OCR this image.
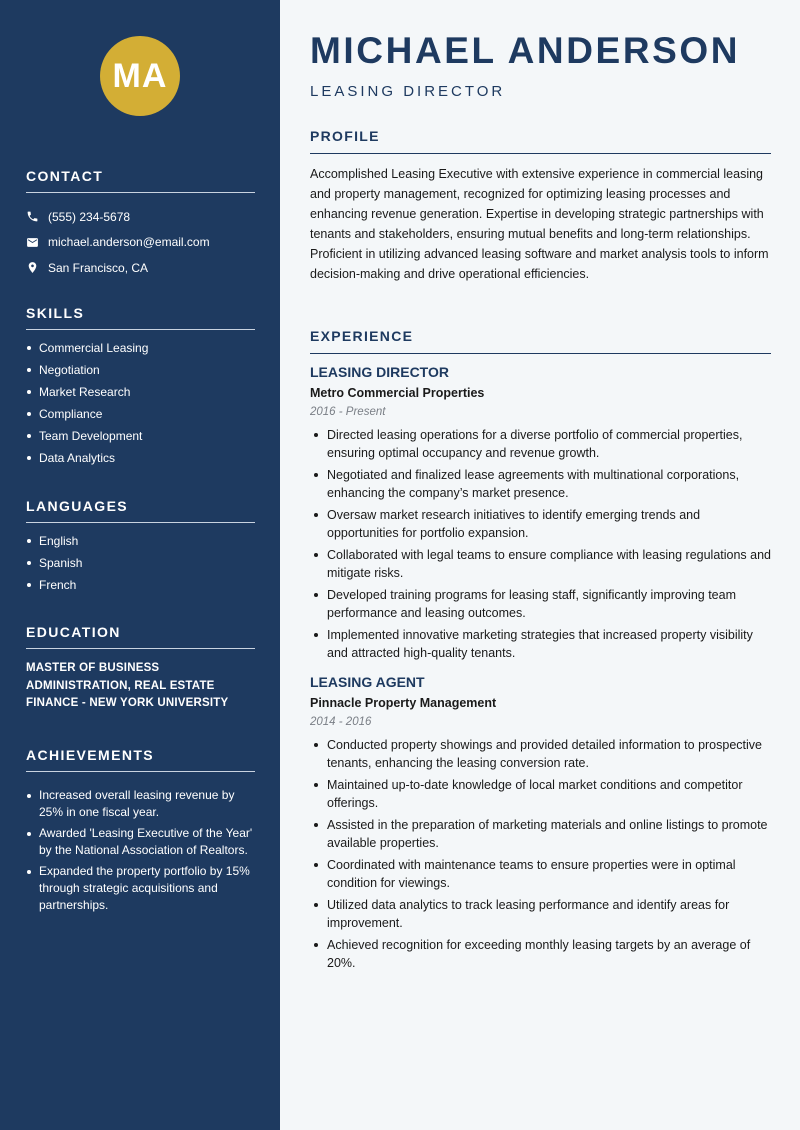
MA
CONTACT
(555) 234-5678
michael.anderson@email.com
San Francisco, CA
SKILLS
Commercial Leasing
Negotiation
Market Research
Compliance
Team Development
Data Analytics
LANGUAGES
English
Spanish
French
EDUCATION
MASTER OF BUSINESS ADMINISTRATION, REAL ESTATE FINANCE - NEW YORK UNIVERSITY
ACHIEVEMENTS
Increased overall leasing revenue by 25% in one fiscal year.
Awarded 'Leasing Executive of the Year' by the National Association of Realtors.
Expanded the property portfolio by 15% through strategic acquisitions and partnerships.
MICHAEL ANDERSON
LEASING DIRECTOR
PROFILE

Accomplished Leasing Executive with extensive experience in commercial leasing and property management, recognized for optimizing leasing processes and enhancing revenue generation. Expertise in developing strategic partnerships with tenants and stakeholders, ensuring mutual benefits and long-term relationships. Proficient in utilizing advanced leasing software and market analysis tools to inform decision-making and drive operational efficiencies.

EXPERIENCE
LEASING DIRECTOR
Metro Commercial Properties
2016 - Present
Directed leasing operations for a diverse portfolio of commercial properties, ensuring optimal occupancy and revenue growth.
Negotiated and finalized lease agreements with multinational corporations, enhancing the company’s market presence.
Oversaw market research initiatives to identify emerging trends and opportunities for portfolio expansion.
Collaborated with legal teams to ensure compliance with leasing regulations and mitigate risks.
Developed training programs for leasing staff, significantly improving team performance and leasing outcomes.
Implemented innovative marketing strategies that increased property visibility and attracted high-quality tenants.
LEASING AGENT
Pinnacle Property Management
2014 - 2016
Conducted property showings and provided detailed information to prospective tenants, enhancing the leasing conversion rate.
Maintained up-to-date knowledge of local market conditions and competitor offerings.
Assisted in the preparation of marketing materials and online listings to promote available properties.
Coordinated with maintenance teams to ensure properties were in optimal condition for viewings.
Utilized data analytics to track leasing performance and identify areas for improvement.
Achieved recognition for exceeding monthly leasing targets by an average of 20%.
